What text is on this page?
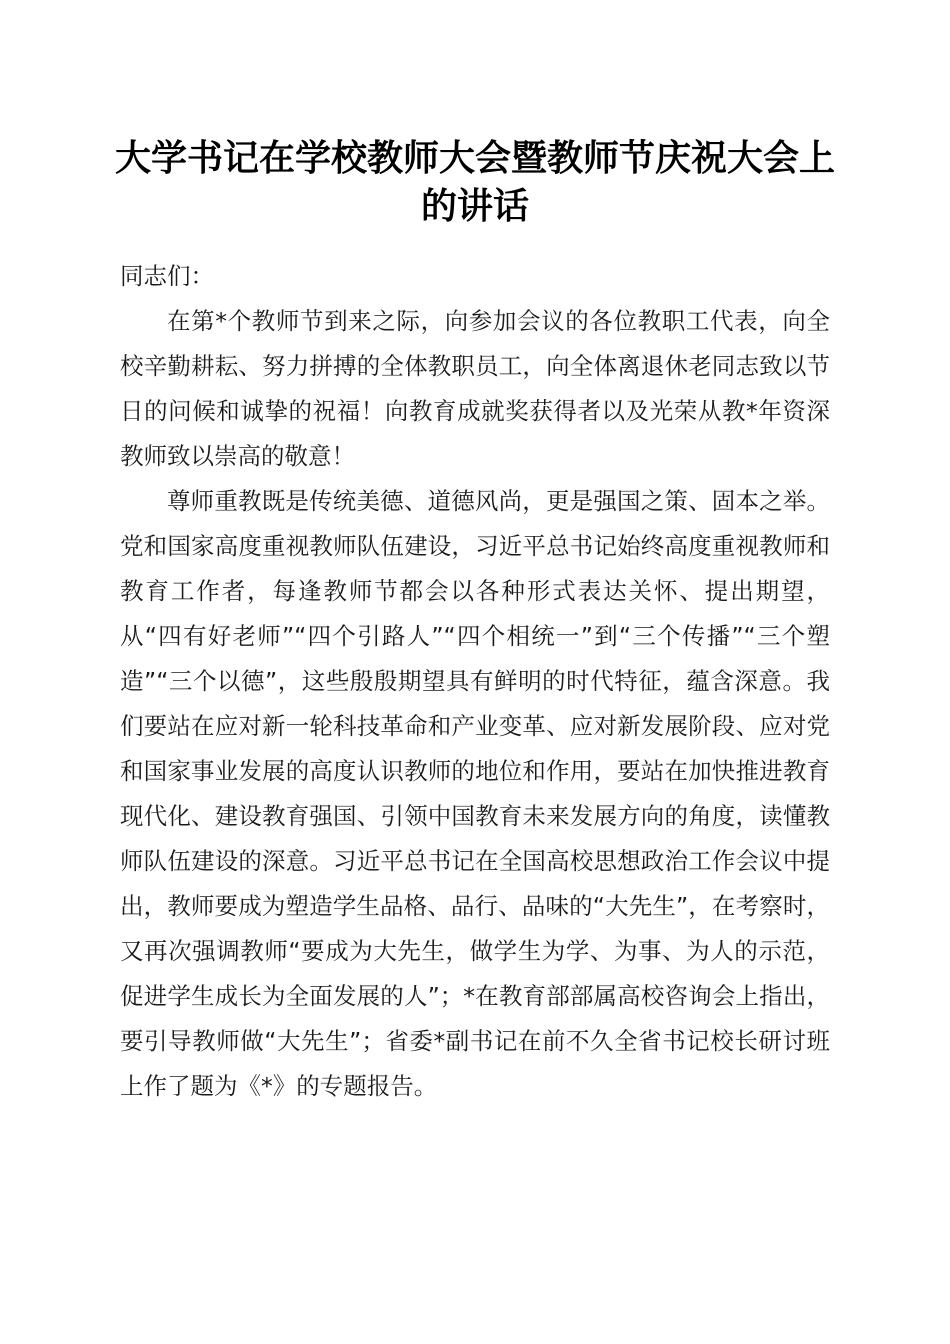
大学书记在学校教师大会暨教师节庆祝大会上的讲话

同志们：

在第*个教师节到来之际，向参加会议的各位教职工代表，向全校辛勤耕耘、努力拼搏的全体教职员工，向全体离退休老同志致以节日的问候和诚挚的祝福！向教育成就奖获得者以及光荣从教*年资深教师致以崇高的敬意！

尊师重教既是传统美德、道德风尚，更是强国之策、固本之举。党和国家高度重视教师队伍建设，习近平总书记始终高度重视教师和教育工作者，每逢教师节都会以各种形式表达关怀、提出期望，从“四有好老师”“四个引路人”“四个相统一”到“三个传播”“三个塑造”“三个以德”，这些殷殷期望具有鲜明的时代特征，蕴含深意。我们要站在应对新一轮科技革命和产业变革、应对新发展阶段、应对党和国家事业发展的高度认识教师的地位和作用，要站在加快推进教育现代化、建设教育强国、引领中国教育未来发展方向的角度，读懂教师队伍建设的深意。习近平总书记在全国高校思想政治工作会议中提出，教师要成为塑造学生品格、品行、品味的“大先生”，在考察时，又再次强调教师“要成为大先生，做学生为学、为事、为人的示范，促进学生成长为全面发展的人”；*在教育部部属高校咨询会上指出，要引导教师做“大先生”；省委*副书记在前不久全省书记校长研讨班上作了题为《*》的专题报告。
